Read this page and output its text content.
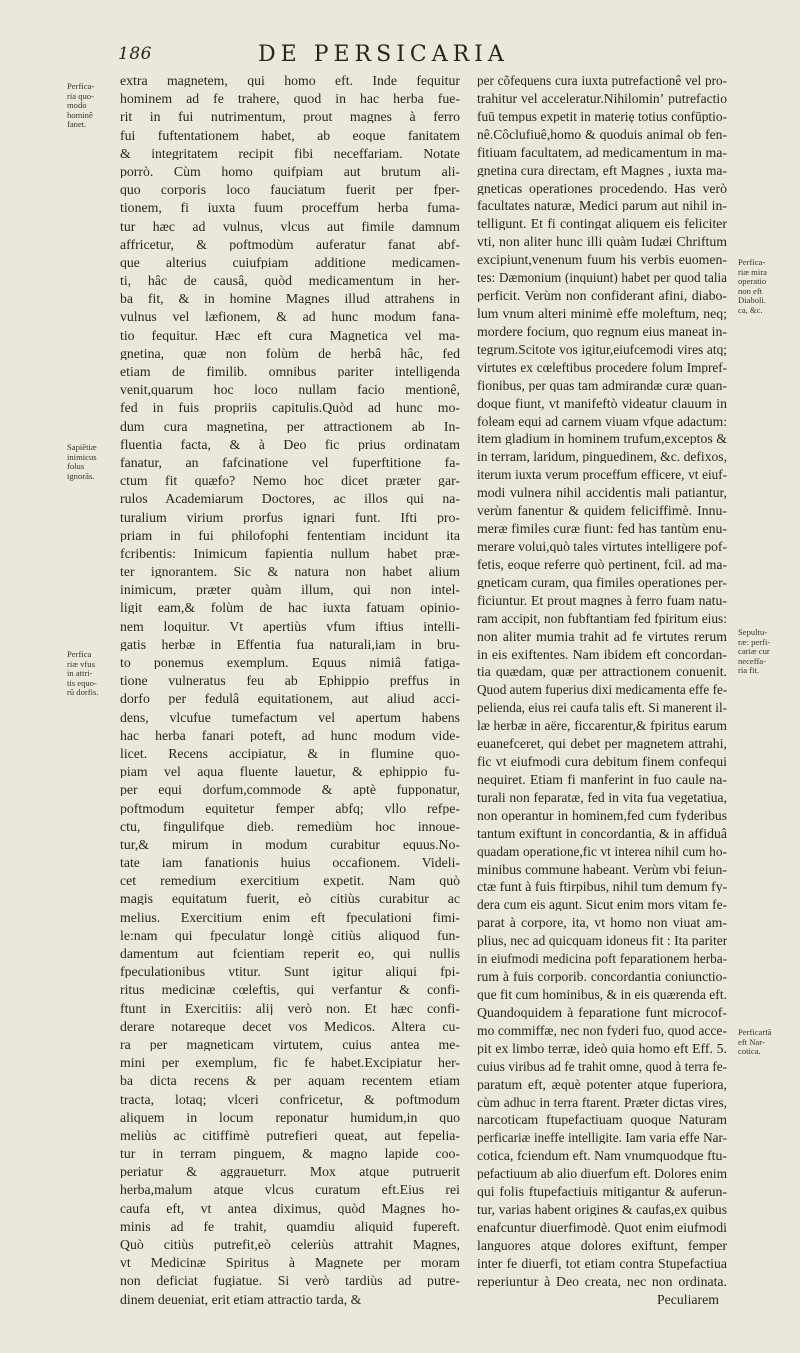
186	DE PERSICARIA
Perfica-
ria quo-
modo
hominê
fanet.
Sapiētiæ
inimicus
folus
ignorās.
Perfica
riæ vfus
in attri-
tis equo-
rū dorfis.
Perfica-
riæ mira
operatio
non eft
Diaboli.
ca, &c.
Sepultu-
ræ: perfi-
cariæ cur
neceffa-
ria fit.
Perficarīā
eft Nar-
cotica.
extra magnetem, qui homo eft. Inde fequitur
hominem ad fe trahere, quod in hac herba fue-
rit in fui nutrimentum, prout magnes à ferro
fui fuftentationem habet, ab eoque fanitatem
& integritatem recipit fibi neceffariam. Notate
porrò. Cùm homo quifpiam aut brutum ali-
quo corporis loco fauciatum fuerit per fper-
tionem, fi iuxta fuum proceffum herba fuma-
tur hæc ad vulnus, vlcus aut fimile damnum
affricetur, & poftmodùm auferatur fanat abf-
que alterius cuiufpiam additione medicamen-
ti, hâc de causâ, quòd medicamentum in her-
ba fit, & in homine Magnes illud attrahens in
vulnus vel læfionem, & ad hunc modum fana-
tio fequitur. Hæc eft cura Magnetica vel ma-
gnetina, quæ non folùm de herbâ hâc, fed
etiam de fimilib. omnibus pariter intelligenda
venit,quarum hoc loco nullam facio mentionê,
fed in fuis propriis capitulis.Quòd ad hunc mo-
dum cura magnetina, per attractionem ab In-
fluentia facta, & à Deo fic prius ordinatam
fanatur, an fafcinatione vel fuperftitione fa-
ctum fit quæfo? Nemo hoc dicet præter gar-
rulos Academiarum Doctores, ac illos qui na-
turalium virium prorfus ignari funt. Ifti pro-
priam in fui philofophi fententiam incidunt ita
fcribentis: Inimicum fapientia nullum habet præ-
ter ignorantem. Sic & natura non habet alium
inimicum, præter quàm illum, qui non intel-
ligit eam,& folùm de hac iuxta fatuam opinio-
nem loquitur. Vt apertiùs vfum iftius intelli-
gatis herbæ in Effentia fua naturali,iam in bru-
to ponemus exemplum. Equus nimiâ fatiga-
tione vulneratus feu ab Ephippio preffus in
dorfo per fedulâ equitationem, aut aliud acci-
dens, vlcufue tumefactum vel apertum habens
hac herba fanari poteft, ad hunc modum vide-
licet. Recens accipiatur, & in flumine quo-
piam vel aqua fluente lauetur, & ephippio fu-
per equi dorfum,commode & aptè fupponatur,
poftmodum equitetur femper abfq; vllo refpe-
ctu, fingulifque dieb. remediùm hoc innoue-
tur,& mirum in modum curabitur equus.No-
tate iam fanationis huius occafionem. Videli-
cet remedium exercitium expetit. Nam quò
magis equitatum fuerit, eò citiùs curabitur ac
melius. Exercitium enim eft fpeculationi fimi-
le:nam qui fpeculatur longè citiùs aliquod fun-
damentum aut fcientiam reperit eo, qui nullis
fpeculationibus vtitur. Sunt igitur aliqui fpi-
ritus medicinæ cœleftis, qui verfantur & confi-
ftunt in Exercitiis: alij verò non. Et hæc confi-
derare notareque decet vos Medicos. Altera cu-
ra per magneticam virtutem, cuius antea me-
mini per exemplum, fic fe habet.Excipiatur her-
ba dicta recens & per aquam recentem etiam
tracta, lotaq; vlceri confricetur, & poftmodum
aliquem in locum reponatur humidum,in quo
meliùs ac citiffimè putrefieri queat, aut fepelia-
tur in terram pinguem, & magno lapide coo-
periatur & aggraueturr. Mox atque putruerit
herba,malum atque vlcus curatum eft.Eius rei
caufa eft, vt antea diximus, quòd Magnes ho-
minis ad fe trahit, quamdiu aliquid fupereft.
Quò citiùs putrefit,eò celeriùs attrahit Magnes,
vt Medicinæ Spiritus à Magnete per moram
non deficiat fugiatue. Si verò tardiùs ad putre-
dinem deueniat, erit etiam attractio tarda, &
per cõfequens cura iuxta putrefactionê vel pro-
trahitur vel acceleratur.Nihilominʼ putrefactio
fuū tempus expetit in materię totius confūptio-
nê.Côclufiuê,homo & quoduis animal ob fen-
fitiuam facultatem, ad medicamentum in ma-
gnetina cura directam, eft Magnes , iuxta ma-
gneticas operationes procedendo. Has verò
facultates naturæ, Medici parum aut nihil in-
telligunt. Et fi contingat aliquem eis feliciter
vti, non aliter hunc illi quàm Iudæi Chriftum
excipiunt,venenum fuum his verbis euomen-
tes: Dæmonium (inquiunt) habet per quod talia
perficit. Verùm non confiderant afini, diabo-
lum vnum alteri minimè effe moleftum, neq;
mordere focium, quo regnum eius maneat in-
tegrum.Scitote vos igitur,eiufcemodi vires atq;
virtutes ex cœleftibus procedere folum Impref-
fionibus, per quas tam admirandæ curæ quan-
doque fiunt, vt manifeftò videatur clauum in
foleam equi ad carnem viuam vfque adactum:
item gladium in hominem trufum,exceptos &
in terram, laridum, pinguedinem, &c. defixos,
iterum iuxta verum proceffum efficere, vt eiuf-
modi vulnera nihil accidentis mali patiantur,
verùm fanentur & quidem feliciffimè. Innu-
meræ fimiles curæ fiunt: fed has tantùm enu-
merare volui,quò tales virtutes intelligere pof-
fetis, eoque referre quò pertinent, fcil. ad ma-
gneticam curam, qua fimiles operationes per-
ficiuntur. Et prout magnes à ferro fuam natu-
ram accipit, non fubftantiam fed fpiritum eius:
non aliter mumia trahit ad fe virtutes rerum
in eis exiftentes. Nam ibidem eft concordan-
tia quædam, quæ per attractionem conuenit.
Quod autem fuperius dixi medicamenta effe fe-
pelienda, eius rei caufa talis eft. Si manerent il-
læ herbæ in aëre, ficcarentur,& fpiritus earum
euanefceret, qui debet per magnetem attrahi,
fic vt eiufmodi cura debitum finem confequi
nequiret. Etiam fi manferint in fuo caule na-
turali non feparatæ, fed in vita fua vegetatiua,
non operantur in hominem,fed cum fyderibus
tantum exiftunt in concordantia, & in affiduâ
quadam operatione,fic vt interea nihil cum ho-
minibus commune habeant. Verùm vbi feiun-
ctæ funt à fuis ftirpibus, nihil tum demum fy-
dera cum eis agunt. Sicut enim mors vitam fe-
parat à corpore, ita, vt homo non viuat am-
plius, nec ad quicquam idoneus fit : Ita pariter
in eiufmodi medicina poft feparationem herba-
rum à fuis corporib. concordantia coniunctio-
que fit cum hominibus, & in eis quærenda eft.
Quandoquidem à feparatione funt microcof-
mo commiffæ, nec non fyderi fuo, quod acce-
pit ex limbo terræ, ideò quia homo eft Eff. 5.
cuius viribus ad fe trahit omne, quod à terra fe-
paratum eft, æquè potenter atque fuperiora,
cùm adhuc in terra ftarent. Præter dictas vires,
narcoticam ftupefactiuam quoque Naturam
perficariæ ineffe intelligite. Iam varia effe Nar-
cotica, fciendum eft. Nam vnumquodque ftu-
pefactiuum ab alio diuerfum eft. Dolores enim
qui folis ftupefactiuis mitigantur & auferun-
tur, varias habent origines & caufas,ex quibus
enafcuntur diuerfimodè. Quot enim eiufmodi
languores atque dolores exiftunt, femper
inter fe diuerfi, tot etiam contra Stupefactiua
reperiuntur à Deo creata, nec non ordinata.
Peculiarem
